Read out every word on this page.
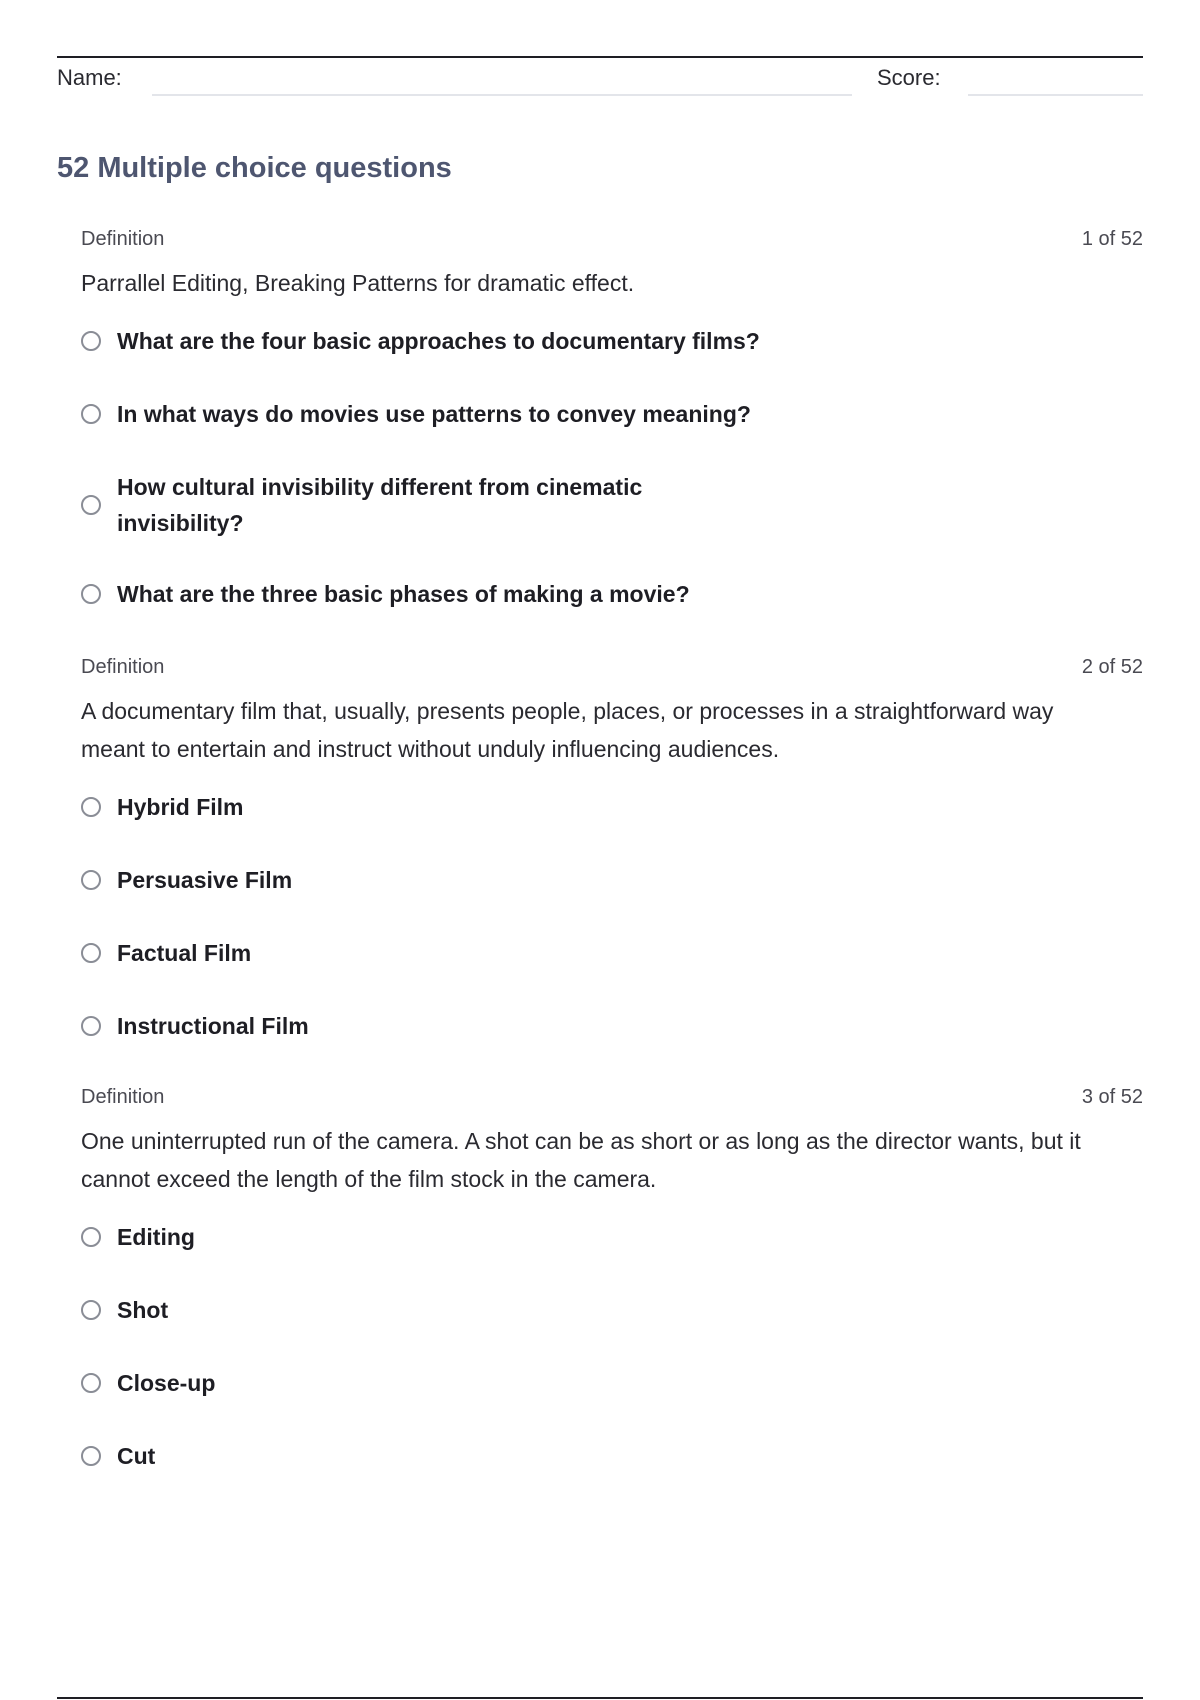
Name:	Score:
52 Multiple choice questions
Definition	1 of 52
Parrallel Editing, Breaking Patterns for dramatic effect.
What are the four basic approaches to documentary films?
In what ways do movies use patterns to convey meaning?
How cultural invisibility different from cinematic invisibility?
What are the three basic phases of making a movie?
Definition	2 of 52
A documentary film that, usually, presents people, places, or processes in a straightforward way meant to entertain and instruct without unduly influencing audiences.
Hybrid Film
Persuasive Film
Factual Film
Instructional Film
Definition	3 of 52
One uninterrupted run of the camera. A shot can be as short or as long as the director wants, but it cannot exceed the length of the film stock in the camera.
Editing
Shot
Close-up
Cut
